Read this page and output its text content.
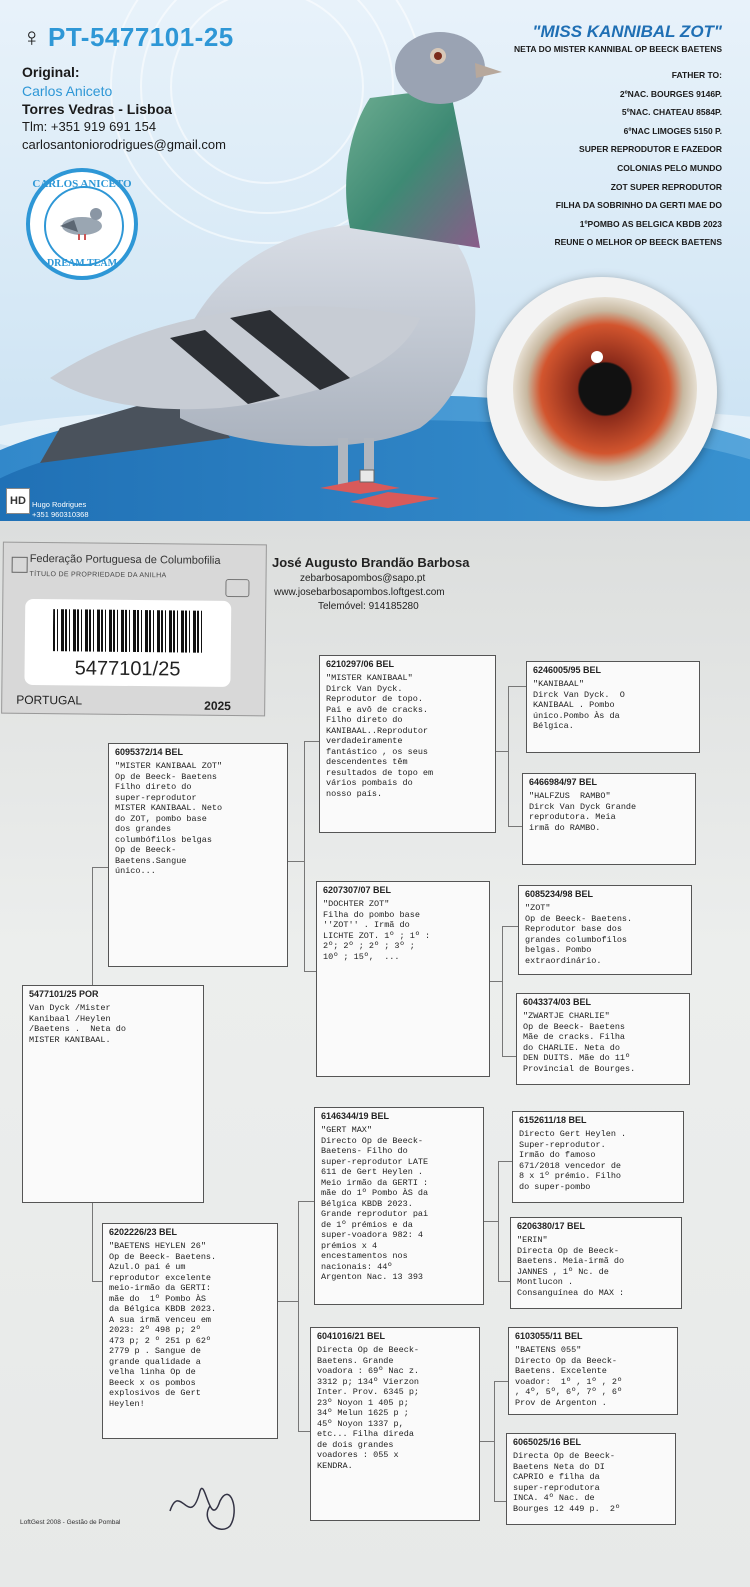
♀ PT-5477101-25
Original:
Carlos Aniceto
Torres Vedras - Lisboa
Tlm: +351 919 691 154
carlosantoniorodrigues@gmail.com
CARLOS ANICETO
DREAM TEAM
"MISS KANNIBAL ZOT"
NETA DO MISTER KANNIBAL OP BEECK BAETENS
FATHER TO:
2ºNAC. BOURGES 9146P.
5ºNAC. CHATEAU 8584P.
6ºNAC LIMOGES 5150 P.
SUPER REPRODUTOR E FAZEDOR
COLONIAS PELO MUNDO
ZOT SUPER REPRODUTOR
FILHA DA SOBRINHO DA GERTI MAE DO
1ºPOMBO AS BELGICA KBDB 2023
REUNE O MELHOR OP BEECK BAETENS
HD Hugo Rodrigues
+351 960310368
Federação Portuguesa de Columbofilia
TÍTULO DE PROPRIEDADE DA ANILHA
5477101/25
PORTUGAL	2025
José Augusto Brandão Barbosa
zebarbosapombos@sapo.pt
www.josebarbosapombos.loftgest.com
Telemóvel: 914185280
5477101/25 POR
Van Dyck /Mister
Kanibaal /Heylen
/Baetens .  Neta do
MISTER KANIBAAL.
6095372/14 BEL
"MISTER KANIBAAL ZOT"
Op de Beeck- Baetens
Filho direto do
super-reprodutor
MISTER KANIBAAL. Neto
do ZOT, pombo base
dos grandes
columbófilos belgas
Op de Beeck-
Baetens.Sangue
único...
6202226/23 BEL
"BAETENS HEYLEN 26"
Op de Beeck- Baetens.
Azul.O pai é um
reprodutor excelente
meio-irmão da GERTI:
mãe do  1º Pombo ÀS
da Bélgica KBDB 2023.
A sua irmã venceu em
2023: 2º 498 p; 2º
473 p; 2 º 251 p 62º
2779 p . Sangue de
grande qualidade a
velha linha Op de
Beeck x os pombos
explosivos de Gert
Heylen!
6210297/06 BEL
"MISTER KANIBAAL"
Dirck Van Dyck.
Reprodutor de topo.
Pai e avô de cracks.
Filho direto do
KANIBAAL..Reprodutor
verdadeiramente
fantástico , os seus
descendentes têm
resultados de topo em
vários pombais do
nosso país.
6207307/07 BEL
"DOCHTER ZOT"
Filha do pombo base
''ZOT'' . Irmã do
LICHTE ZOT. 1º ; 1º :
2º; 2º ; 2º ; 3º ;
10º ; 15º,  ...
6146344/19 BEL
"GERT MAX"
Directo Op de Beeck-
Baetens- Filho do
super-reprodutor LATE
611 de Gert Heylen .
Meio irmão da GERTI :
mãe do 1º Pombo ÀS da
Bélgica KBDB 2023.
Grande reprodutor pai
de 1º prémios e da
super-voadora 982: 4
prémios x 4
encestamentos nos
nacionais: 44º
Argenton Nac. 13 393
6041016/21 BEL
Directa Op de Beeck-
Baetens. Grande
voadora : 69º Nac z.
3312 p; 134º Vierzon
Inter. Prov. 6345 p;
23º Noyon 1 405 p;
34º Melun 1625 p ;
45º Noyon 1337 p,
etc... Filha direda
de dois grandes
voadores : 055 x
KENDRA.
6246005/95 BEL
"KANIBAAL"
Dirck Van Dyck.  O
KANIBAAL . Pombo
único.Pombo Às da
Bélgica.
6466984/97 BEL
"HALFZUS  RAMBO"
Dirck Van Dyck Grande
reprodutora. Meia
irmã do RAMBO.
6085234/98 BEL
"ZOT"
Op de Beeck- Baetens.
Reprodutor base dos
grandes columbofilos
belgas. Pombo
extraordinário.
6043374/03 BEL
"ZWARTJE CHARLIE"
Op de Beeck- Baetens
Mãe de cracks. Filha
do CHARLIE. Neta do
DEN DUITS. Mãe do 11º
Provincial de Bourges.
6152611/18 BEL
Directo Gert Heylen .
Super-reprodutor.
Irmão do famoso
671/2018 vencedor de
8 x 1º prémio. Filho
do super-pombo
6206380/17 BEL
"ERIN"
Directa Op de Beeck-
Baetens. Meia-irmã do
JANNES , 1º Nc. de
Montlucon .
Consanguínea do MAX :
6103055/11 BEL
"BAETENS 055"
Directo Op da Beeck-
Baetens. Excelente
voador:  1º , 1º , 2º
, 4º, 5º, 6º, 7º , 6º
Prov de Argenton .
6065025/16 BEL
Directa Op de Beeck-
Baetens Neta do DI
CAPRIO e filha da
super-reprodutora
INCA. 4º Nac. de
Bourges 12 449 p.  2º
LoftGest 2008 - Gestão de Pombal
